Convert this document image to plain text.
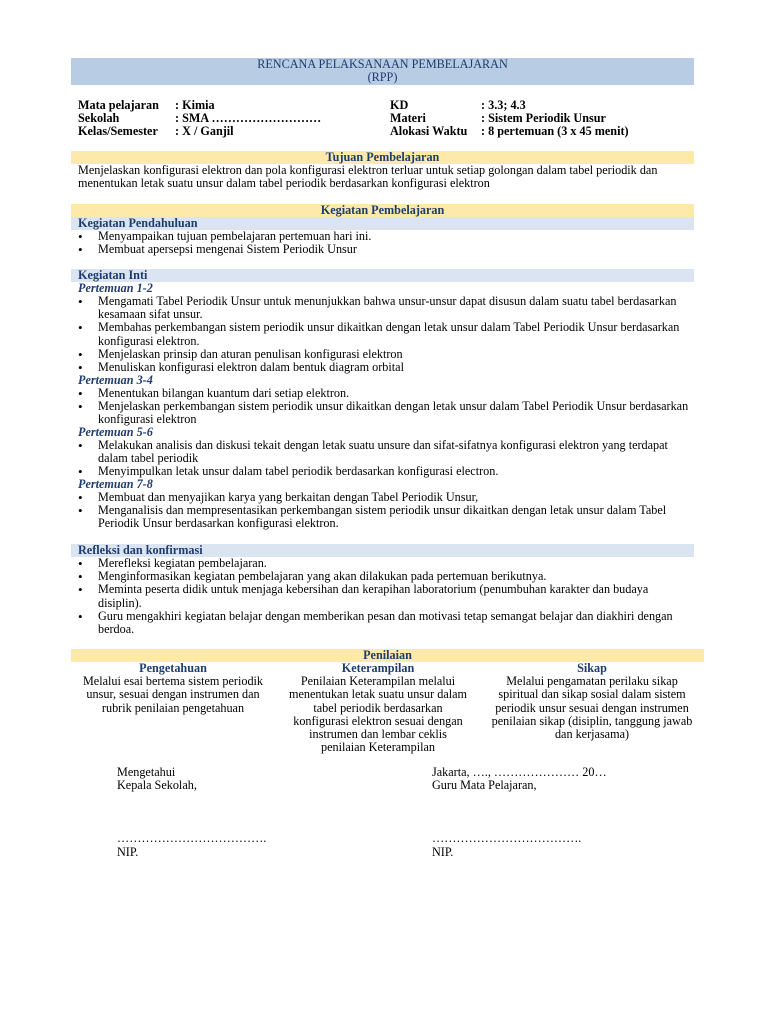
RENCANA PELAKSANAAN PEMBELAJARAN
(RPP)
Mata pelajaran : Kimia
Sekolah	: SMA ………………………
Kelas/Semester : X / Ganjil
KD	: 3.3; 4.3
Materi	: Sistem Periodik Unsur
Alokasi Waktu : 8 pertemuan (3 x 45 menit)
Tujuan Pembelajaran
Menjelaskan konfigurasi elektron dan pola konfigurasi elektron terluar untuk setiap golongan dalam tabel periodik dan menentukan letak suatu unsur dalam tabel periodik berdasarkan konfigurasi elektron
Kegiatan Pembelajaran
Kegiatan Pendahuluan
• Menyampaikan tujuan pembelajaran pertemuan hari ini.
• Membuat apersepsi mengenai Sistem Periodik Unsur
Kegiatan Inti
Pertemuan 1-2
• Mengamati Tabel Periodik Unsur untuk menunjukkan bahwa unsur-unsur dapat disusun dalam suatu tabel berdasarkan kesamaan sifat unsur.
• Membahas perkembangan sistem periodik unsur dikaitkan dengan letak unsur dalam Tabel Periodik Unsur berdasarkan konfigurasi elektron.
• Menjelaskan prinsip dan aturan penulisan konfigurasi elektron
• Menuliskan konfigurasi elektron dalam bentuk diagram orbital
Pertemuan 3-4
• Menentukan bilangan kuantum dari setiap elektron.
• Menjelaskan perkembangan sistem periodik unsur dikaitkan dengan letak unsur dalam Tabel Periodik Unsur berdasarkan konfigurasi elektron
Pertemuan 5-6
• Melakukan analisis dan diskusi tekait dengan letak suatu unsure dan sifat-sifatnya konfigurasi elektron yang terdapat dalam tabel periodik
• Menyimpulkan letak unsur dalam tabel periodik berdasarkan konfigurasi electron.
Pertemuan 7-8
• Membuat dan menyajikan karya yang berkaitan dengan Tabel Periodik Unsur,
• Menganalisis dan mempresentasikan perkembangan sistem periodik unsur dikaitkan dengan letak unsur dalam Tabel Periodik Unsur berdasarkan konfigurasi elektron.
Refleksi dan konfirmasi
• Merefleksi kegiatan pembelajaran.
• Menginformasikan kegiatan pembelajaran yang akan dilakukan pada pertemuan berikutnya.
• Meminta peserta didik untuk menjaga kebersihan dan kerapihan laboratorium (penumbuhan karakter dan budaya disiplin).
• Guru mengakhiri kegiatan belajar dengan memberikan pesan dan motivasi tetap semangat belajar dan diakhiri dengan berdoa.
Penilaian
Pengetahuan
Melalui esai bertema sistem periodik unsur, sesuai dengan instrumen dan rubrik penilaian pengetahuan
Keterampilan
Penilaian Keterampilan melalui menentukan letak suatu unsur dalam tabel periodik berdasarkan konfigurasi elektron sesuai dengan instrumen dan lembar ceklis penilaian Keterampilan
Sikap
Melalui pengamatan perilaku sikap spiritual dan sikap sosial dalam sistem periodik unsur sesuai dengan instrumen penilaian sikap (disiplin, tanggung jawab dan kerjasama)
Mengetahui
Kepala Sekolah,
……………………………….
NIP.
Jakarta, …., ………………… 20…
Guru Mata Pelajaran,
……………………………….
NIP.
